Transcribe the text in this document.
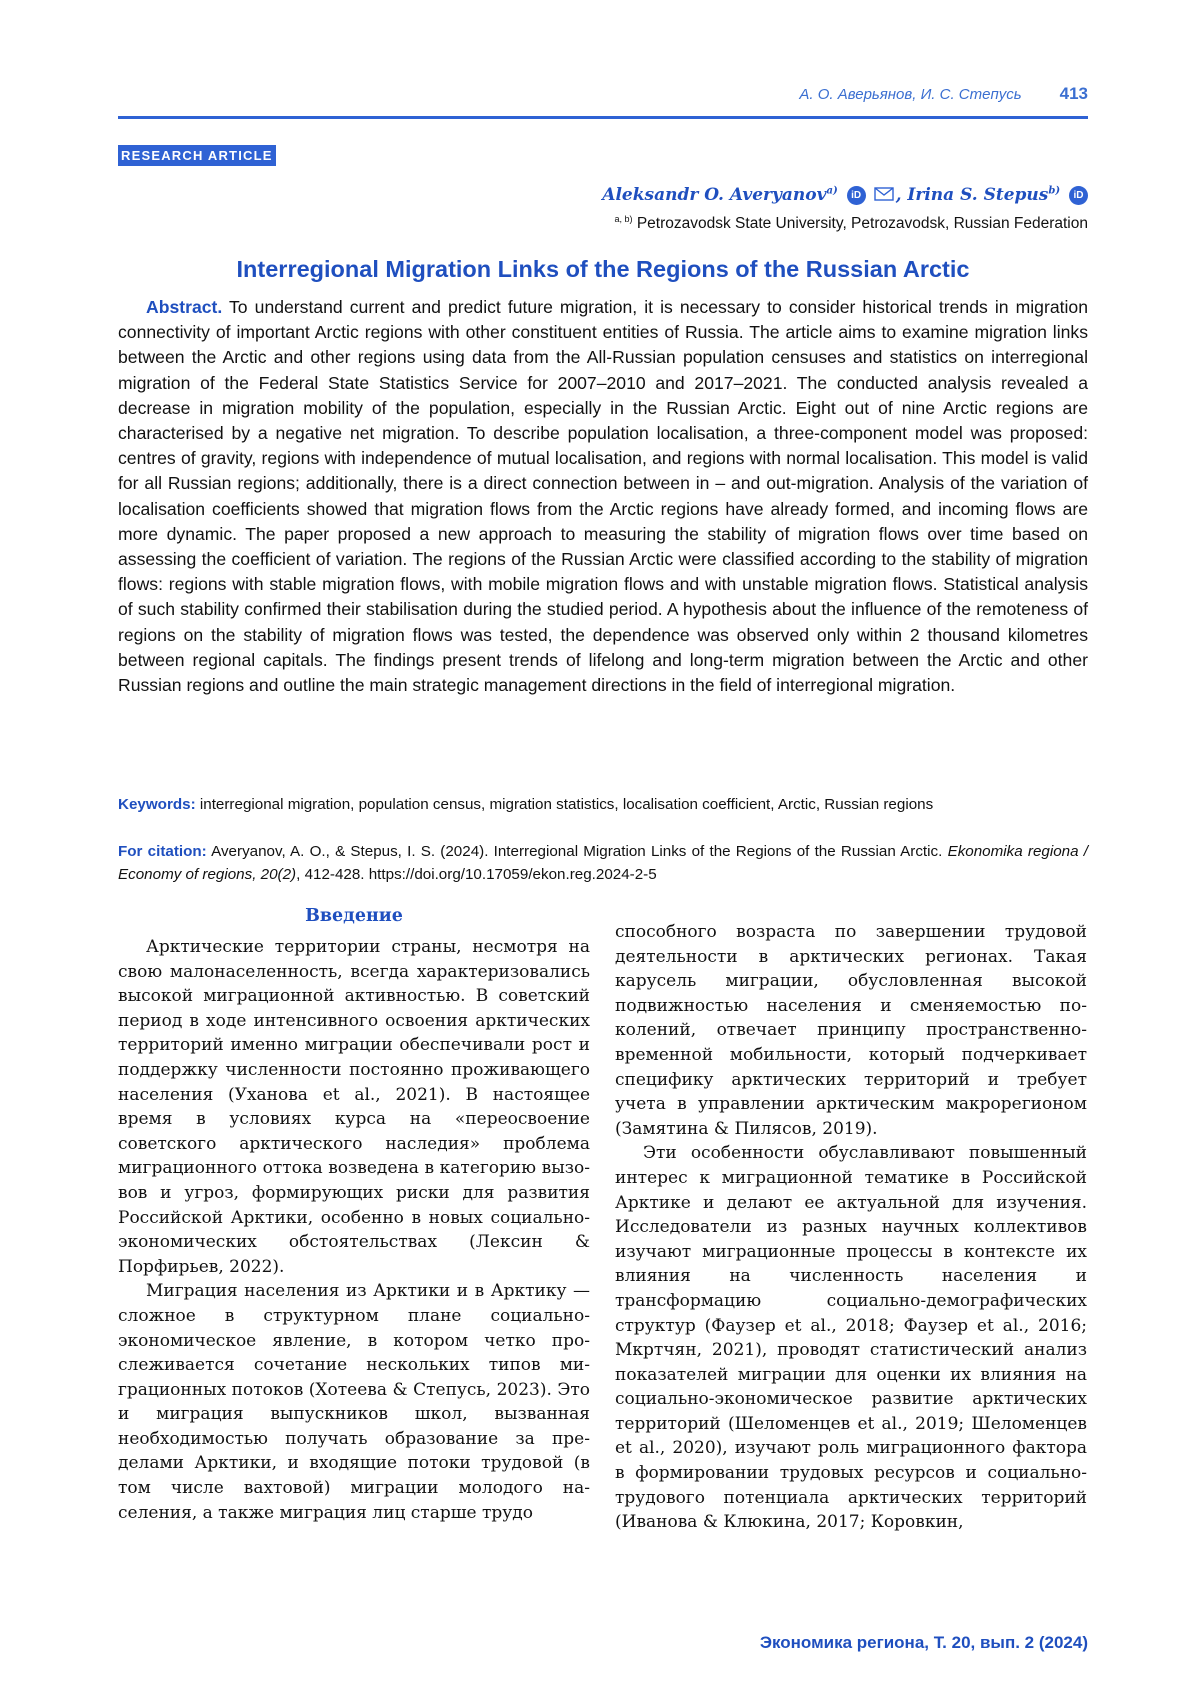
А. О. Аверьянов, И. С. Степусь 413
RESEARCH ARTICLE
Aleksandr O. Averyanov$^{a)}$ iD , Irina S. Stepus$^{b)}$ iD
$^{a, b)}$ Petrozavodsk State University, Petrozavodsk, Russian Federation
Interregional Migration Links of the Regions of the Russian Arctic
Abstract. To understand current and predict future migration, it is necessary to consider historical trends in migration connectivity of important Arctic regions with other constituent entities of Russia. The article aims to examine migration links between the Arctic and other regions using data from the All-Russian population censuses and statistics on interregional migration of the Federal State Statistics Service for 2007–2010 and 2017–2021. The conducted analysis revealed a decrease in migration mobility of the population, especially in the Russian Arctic. Eight out of nine Arctic regions are characterised by a negative net migration. To describe population localisation, a three-component model was proposed: centres of gravity, regions with independence of mutual localisation, and regions with normal localisation. This model is valid for all Russian regions; additionally, there is a direct connection between in – and out-migration. Analysis of the variation of localisation coefficients showed that migration flows from the Arctic regions have already formed, and incoming flows are more dynamic. The paper proposed a new approach to measuring the stability of migration flows over time based on assessing the coefficient of variation. The regions of the Russian Arctic were classified according to the stability of migration flows: regions with stable migration flows, with mobile migration flows and with unstable migration flows. Statistical analysis of such stability confirmed their stabilisation during the studied period. A hypothesis about the influence of the remoteness of regions on the stability of migration flows was tested, the dependence was observed only within 2 thousand kilometres between regional capitals. The findings present trends of lifelong and long-term migration between the Arctic and other Russian regions and outline the main strategic management directions in the field of interregional migration.
Keywords: interregional migration, population census, migration statistics, localisation coefficient, Arctic, Russian regions
For citation: Averyanov, A. O., & Stepus, I. S. (2024). Interregional Migration Links of the Regions of the Russian Arctic. Ekonomika regiona / Economy of regions, 20(2), 412-428. https://doi.org/10.17059/ekon.reg.2024-2-5
Введение

Арктические территории страны, несмотря на свою малонаселенность, всегда характеризовались высокой миграционной активностью. В советский период в ходе интенсивного освоения арктических территорий именно миграции обеспечивали рост и поддержку численности постоянно проживающего населения (Уханова et al., 2021). В настоящее время в условиях курса на «переосвоение советского арктического наследия» проблема миграционного оттока возведена в категорию вызовов и угроз, формирующих риски для развития Российской Арктики, особенно в новых социально-экономических обстоятельствах (Лексин & Порфирьев, 2022).

Миграция населения из Арктики и в Арктику — сложное в структурном плане социально-экономическое явление, в котором четко прослеживается сочетание нескольких типов миграционных потоков (Хотеева & Степусь, 2023). Это и миграция выпускников школ, вызванная необходимостью получать образование за пределами Арктики, и входящие потоки трудовой (в том числе вахтовой) миграции молодого населения, а также миграция лиц старше трудо

способного возраста по завершении трудовой деятельности в арктических регионах. Такая карусель миграции, обусловленная высокой подвижностью населения и сменяемостью поколений, отвечает принципу пространственно-временной мобильности, который подчеркивает специфику арктических территорий и требует учета в управлении арктическим макрорегионом (Замятина & Пилясов, 2019).

Эти особенности обуславливают повышенный интерес к миграционной тематике в Российской Арктике и делают ее актуальной для изучения. Исследователи из разных научных коллективов изучают миграционные процессы в контексте их влияния на численность населения и трансформацию социально-демографических структур (Фаузер et al., 2018; Фаузер et al., 2016; Мкртчян, 2021), проводят статистический анализ показателей миграции для оценки их влияния на социально-экономическое развитие арктических территорий (Шеломенцев et al., 2019; Шеломенцев et al., 2020), изучают роль миграционного фактора в формировании трудовых ресурсов и социально-трудового потенциала арктических территорий (Иванова & Клюкина, 2017; Коровкин,

Экономика региона, Т. 20, вып. 2 (2024)
